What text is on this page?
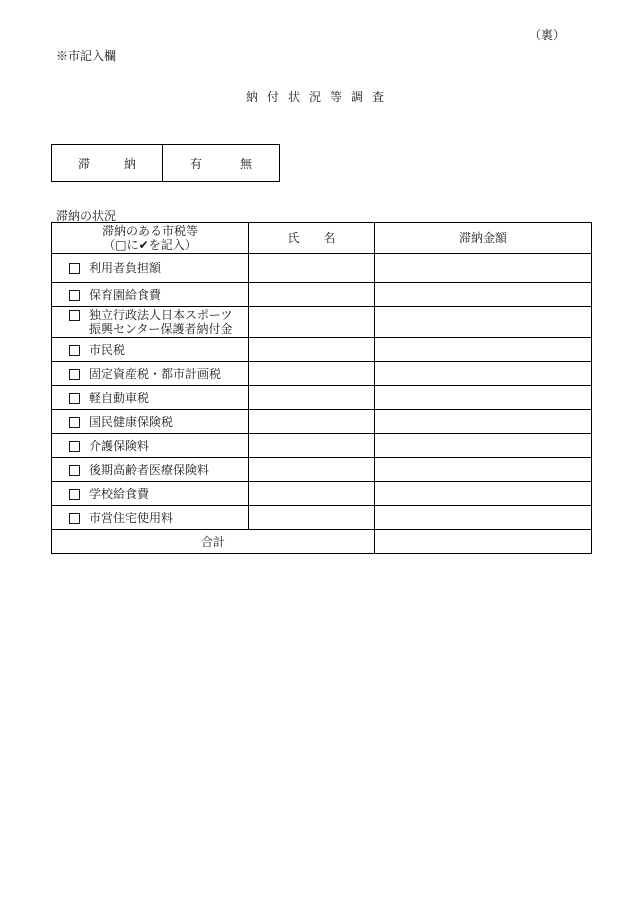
（裏）
※市記入欄
納付状況等調査
滞	納	有	無
滞納の状況
滞納のある市税等
（□に✔を記入）	氏　　名	滞納金額

利用者負担額		

保育園給食費		

独立行政法人日本スポーツ
振興センター保護者納付金		

市民税		

固定資産税・都市計画税		

軽自動車税		

国民健康保険税		

介護保険料		

後期高齢者医療保険料		

学校給食費		

市営住宅使用料		

合計		
